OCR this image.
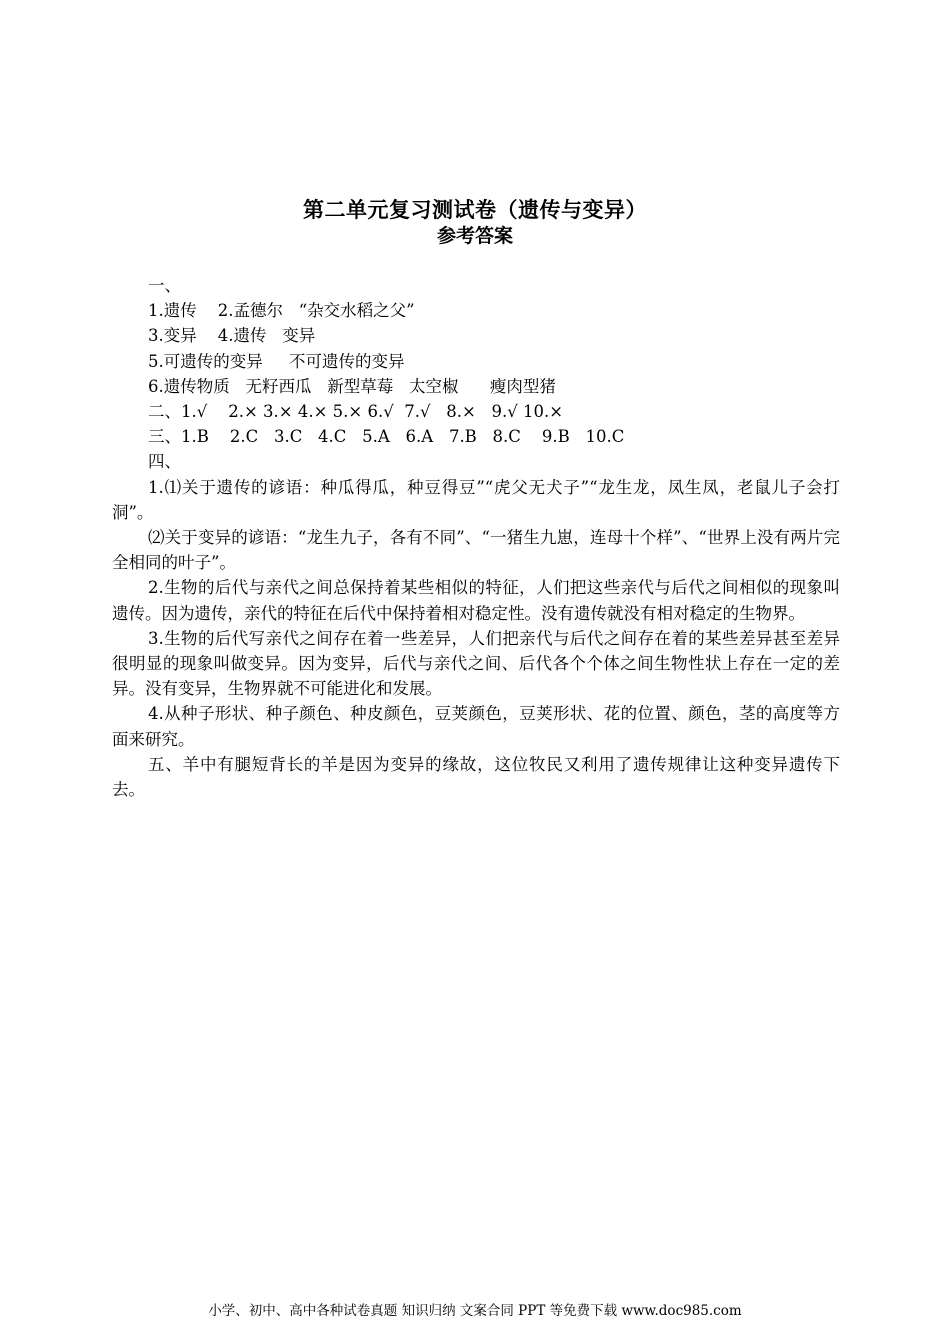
第二单元复习测试卷（遗传与变异）
参考答案

一、

1.遗传    2.孟德尔   “杂交水稻之父”

3.变异    4.遗传   变异

5.可遗传的变异     不可遗传的变异

6.遗传物质   无籽西瓜   新型草莓   太空椒      瘦肉型猪

二、1.√    2.× 3.× 4.× 5.× 6.√  7.√   8.×   9.√ 10.×

三、1.B    2.C   3.C   4.C   5.A   6.A   7.B   8.C    9.B   10.C

四、

1.⑴关于遗传的谚语：种瓜得瓜，种豆得豆”“虎父无犬子”“龙生龙，凤生凤，老鼠儿子会打洞”。

⑵关于变异的谚语：“龙生九子，各有不同”、“一猪生九崽，连母十个样”、“世界上没有两片完全相同的叶子”。

2.生物的后代与亲代之间总保持着某些相似的特征，人们把这些亲代与后代之间相似的现象叫遗传。因为遗传，亲代的特征在后代中保持着相对稳定性。没有遗传就没有相对稳定的生物界。

3.生物的后代写亲代之间存在着一些差异，人们把亲代与后代之间存在着的某些差异甚至差异很明显的现象叫做变异。因为变异，后代与亲代之间、后代各个个体之间生物性状上存在一定的差异。没有变异，生物界就不可能进化和发展。

4.从种子形状、种子颜色、种皮颜色，豆荚颜色，豆荚形状、花的位置、颜色，茎的高度等方面来研究。

五、羊中有腿短背长的羊是因为变异的缘故，这位牧民又利用了遗传规律让这种变异遗传下去。

小学、初中、高中各种试卷真题 知识归纳 文案合同 PPT 等免费下载 www.doc985.com
